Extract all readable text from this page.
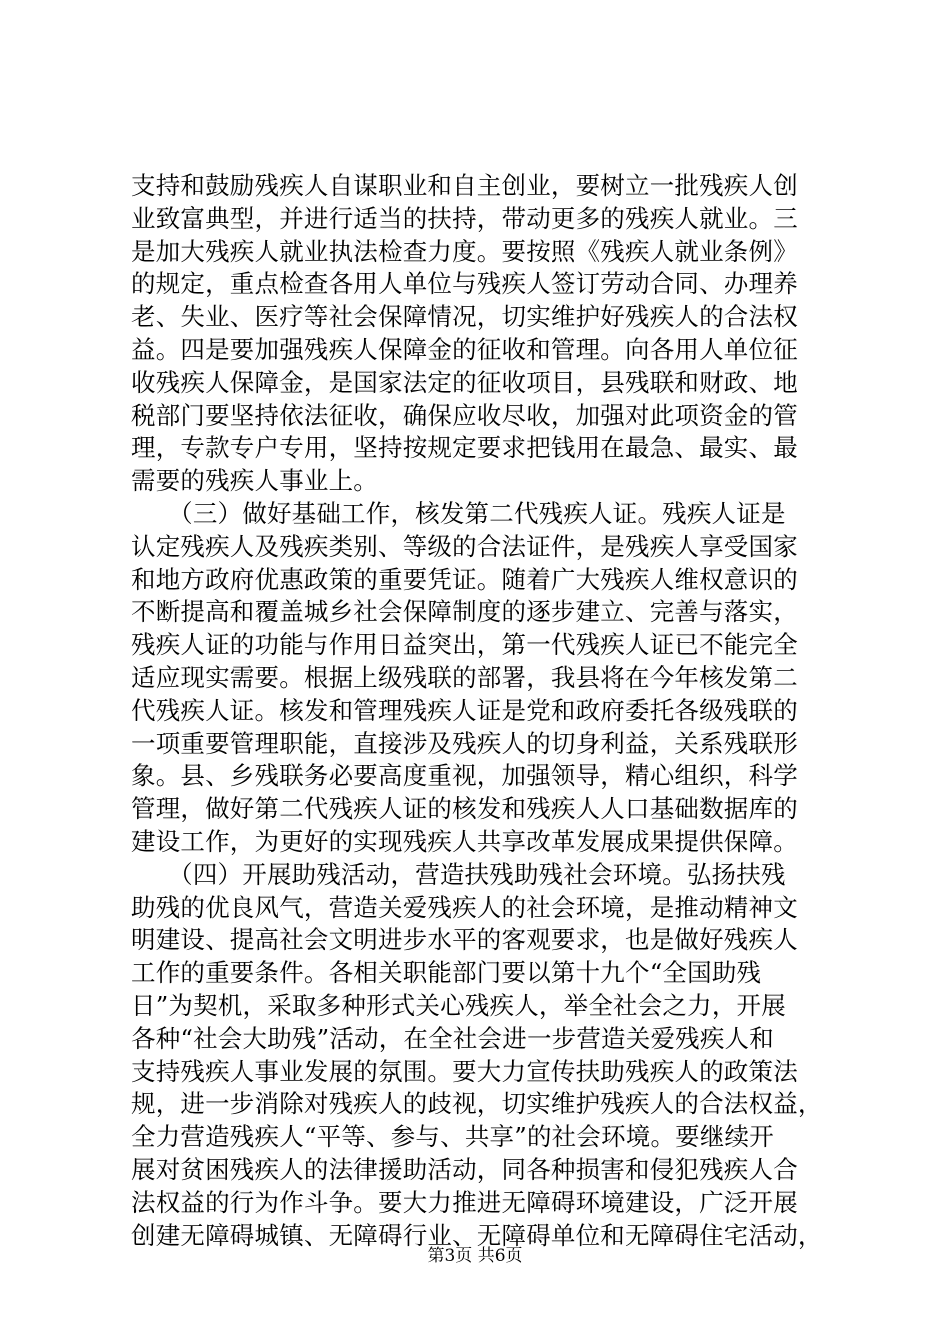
支持和鼓励残疾人自谋职业和自主创业，要树立一批残疾人创
业致富典型，并进行适当的扶持，带动更多的残疾人就业。三
是加大残疾人就业执法检查力度。要按照《残疾人就业条例》
的规定，重点检查各用人单位与残疾人签订劳动合同、办理养
老、失业、医疗等社会保障情况，切实维护好残疾人的合法权
益。四是要加强残疾人保障金的征收和管理。向各用人单位征
收残疾人保障金，是国家法定的征收项目，县残联和财政、地
税部门要坚持依法征收，确保应收尽收，加强对此项资金的管
理，专款专户专用，坚持按规定要求把钱用在最急、最实、最
需要的残疾人事业上。
　　（三）做好基础工作，核发第二代残疾人证。残疾人证是
认定残疾人及残疾类别、等级的合法证件，是残疾人享受国家
和地方政府优惠政策的重要凭证。随着广大残疾人维权意识的
不断提高和覆盖城乡社会保障制度的逐步建立、完善与落实，
残疾人证的功能与作用日益突出，第一代残疾人证已不能完全
适应现实需要。根据上级残联的部署，我县将在今年核发第二
代残疾人证。核发和管理残疾人证是党和政府委托各级残联的
一项重要管理职能，直接涉及残疾人的切身利益，关系残联形
象。县、乡残联务必要高度重视，加强领导，精心组织，科学
管理，做好第二代残疾人证的核发和残疾人人口基础数据库的
建设工作，为更好的实现残疾人共享改革发展成果提供保障。
　　（四）开展助残活动，营造扶残助残社会环境。弘扬扶残
助残的优良风气，营造关爱残疾人的社会环境，是推动精神文
明建设、提高社会文明进步水平的客观要求，也是做好残疾人
工作的重要条件。各相关职能部门要以第十九个“全国助残
日”为契机，采取多种形式关心残疾人，举全社会之力，开展
各种“社会大助残”活动，在全社会进一步营造关爱残疾人和
支持残疾人事业发展的氛围。要大力宣传扶助残疾人的政策法
规，进一步消除对残疾人的歧视，切实维护残疾人的合法权益，
全力营造残疾人“平等、参与、共享”的社会环境。要继续开
展对贫困残疾人的法律援助活动，同各种损害和侵犯残疾人合
法权益的行为作斗争。要大力推进无障碍环境建设，广泛开展
创建无障碍城镇、无障碍行业、无障碍单位和无障碍住宅活动，
第3页 共6页
